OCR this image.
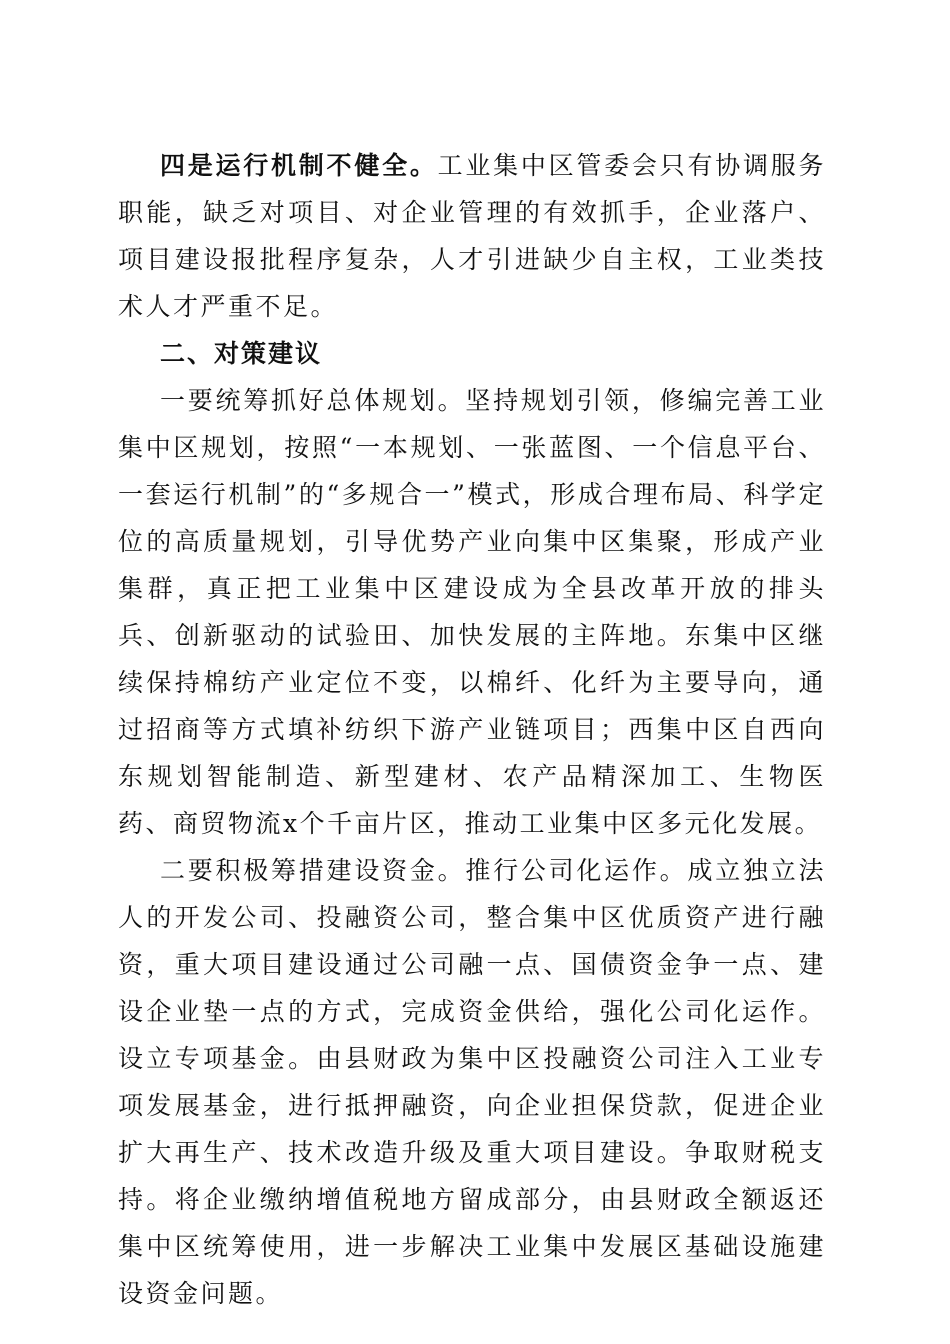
四是运行机制不健全。工业集中区管委会只有协调服务职能，缺乏对项目、对企业管理的有效抓手，企业落户、项目建设报批程序复杂，人才引进缺少自主权，工业类技术人才严重不足。

二、对策建议

一要统筹抓好总体规划。坚持规划引领，修编完善工业集中区规划，按照“一本规划、一张蓝图、一个信息平台、一套运行机制”的“多规合一”模式，形成合理布局、科学定位的高质量规划，引导优势产业向集中区集聚，形成产业集群，真正把工业集中区建设成为全县改革开放的排头兵、创新驱动的试验田、加快发展的主阵地。东集中区继续保持棉纺产业定位不变，以棉纤、化纤为主要导向，通过招商等方式填补纺织下游产业链项目；西集中区自西向东规划智能制造、新型建材、农产品精深加工、生物医药、商贸物流x个千亩片区，推动工业集中区多元化发展。

二要积极筹措建设资金。推行公司化运作。成立独立法人的开发公司、投融资公司，整合集中区优质资产进行融资，重大项目建设通过公司融一点、国债资金争一点、建设企业垫一点的方式，完成资金供给，强化公司化运作。设立专项基金。由县财政为集中区投融资公司注入工业专项发展基金，进行抵押融资，向企业担保贷款，促进企业扩大再生产、技术改造升级及重大项目建设。争取财税支持。将企业缴纳增值税地方留成部分，由县财政全额返还集中区统筹使用，进一步解决工业集中发展区基础设施建设资金问题。
